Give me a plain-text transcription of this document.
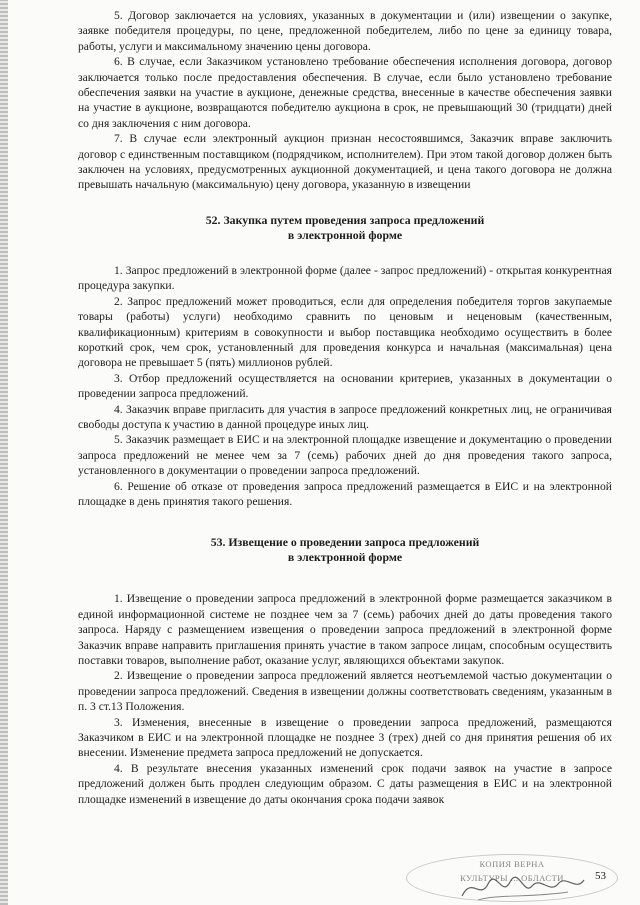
5. Договор заключается на условиях, указанных в документации и (или) извещении о закупке, заявке победителя процедуры, по цене, предложенной победителем, либо по цене за единицу товара, работы, услуги и максимальному значению цены договора.

6. В случае, если Заказчиком установлено требование обеспечения исполнения договора, договор заключается только после предоставления обеспечения. В случае, если было установлено требование обеспечения заявки на участие в аукционе, денежные средства, внесенные в качестве обеспечения заявки на участие в аукционе, возвращаются победителю аукциона в срок, не превышающий 30 (тридцати) дней со дня заключения с ним договора.

7. В случае если электронный аукцион признан несостоявшимся, Заказчик вправе заключить договор с единственным поставщиком (подрядчиком, исполнителем). При этом такой договор должен быть заключен на условиях, предусмотренных аукционной документацией, и цена такого договора не должна превышать начальную (максимальную) цену договора, указанную в извещении

52. Закупка путем проведения запроса предложений
в электронной форме

1. Запрос предложений в электронной форме (далее - запрос предложений) - открытая конкурентная процедура закупки.

2. Запрос предложений может проводиться, если для определения победителя торгов закупаемые товары (работы) услуги) необходимо сравнить по ценовым и неценовым (качественным, квалификационным) критериям в совокупности и выбор поставщика необходимо осуществить в более короткий срок, чем срок, установленный для проведения конкурса и начальная (максимальная) цена договора не превышает 5 (пять) миллионов рублей.

3. Отбор предложений осуществляется на основании критериев, указанных в документации о проведении запроса предложений.

4. Заказчик вправе пригласить для участия в запросе предложений конкретных лиц, не ограничивая свободы доступа к участию в данной процедуре иных лиц.

5. Заказчик размещает в ЕИС и на электронной площадке извещение и документацию о проведении запроса предложений не менее чем за 7 (семь) рабочих дней до дня проведения такого запроса, установленного в документации о проведении запроса предложений.

6. Решение об отказе от проведения запроса предложений размещается в ЕИС и на электронной площадке в день принятия такого решения.

53. Извещение о проведении запроса предложений
в электронной форме

1. Извещение о проведении запроса предложений в электронной форме размещается заказчиком в единой информационной системе не позднее чем за 7 (семь) рабочих дней до даты проведения такого запроса. Наряду с размещением извещения о проведении запроса предложений в электронной форме Заказчик вправе направить приглашения принять участие в таком запросе лицам, способным осуществить поставки товаров, выполнение работ, оказание услуг, являющихся объектами закупок.

2. Извещение о проведении запроса предложений является неотъемлемой частью документации о проведении запроса предложений. Сведения в извещении должны соответствовать сведениям, указанным в п. 3 ст.13 Положения.

3. Изменения, внесенные в извещение о проведении запроса предложений, размещаются Заказчиком в ЕИС и на электронной площадке не позднее 3 (трех) дней со дня принятия решения об их внесении. Изменение предмета запроса предложений не допускается.

4. В результате внесения указанных изменений срок подачи заявок на участие в запросе предложений должен быть продлен следующим образом. С даты размещения в ЕИС и на электронной площадке изменений в извещение до даты окончания срока подачи заявок

КОПИЯ ВЕРНА
КУЛЬТУРЫ ... ОБЛАСТИ	53
